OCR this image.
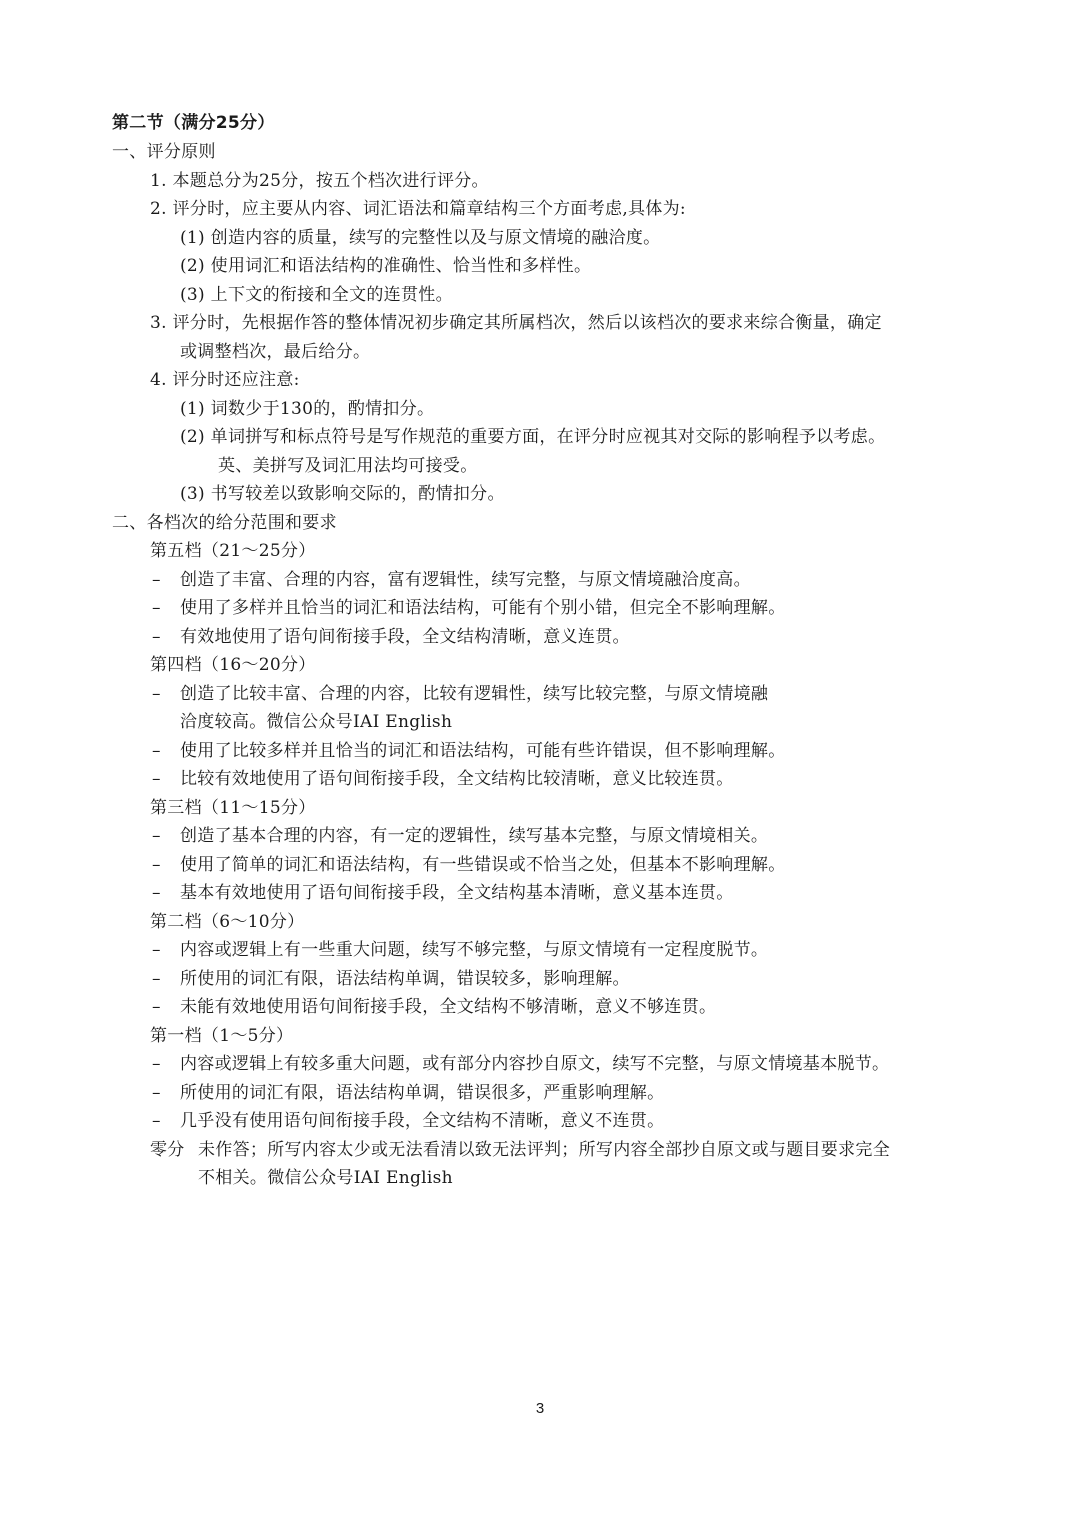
第二节（满分25分）
一、评分原则
1. 本题总分为25分，按五个档次进行评分。
2. 评分时，应主要从内容、词汇语法和篇章结构三个方面考虑,具体为:
(1) 创造内容的质量，续写的完整性以及与原文情境的融洽度。
(2) 使用词汇和语法结构的准确性、恰当性和多样性。
(3) 上下文的衔接和全文的连贯性。
3. 评分时，先根据作答的整体情况初步确定其所属档次，然后以该档次的要求来综合衡量，确定
或调整档次，最后给分。
4. 评分时还应注意:
(1) 词数少于130的，酌情扣分。
(2) 单词拼写和标点符号是写作规范的重要方面，在评分时应视其对交际的影响程予以考虑。
英、美拼写及词汇用法均可接受。
(3) 书写较差以致影响交际的，酌情扣分。
二、各档次的给分范围和要求
第五档（21～25分）
– 创造了丰富、合理的内容，富有逻辑性，续写完整，与原文情境融洽度高。
– 使用了多样并且恰当的词汇和语法结构，可能有个别小错，但完全不影响理解。
– 有效地使用了语句间衔接手段，全文结构清晰，意义连贯。
第四档（16～20分）
– 创造了比较丰富、合理的内容，比较有逻辑性，续写比较完整，与原文情境融
洽度较高。微信公众号IAI English
– 使用了比较多样并且恰当的词汇和语法结构，可能有些许错误，但不影响理解。
– 比较有效地使用了语句间衔接手段，全文结构比较清晰，意义比较连贯。
第三档（11～15分）
– 创造了基本合理的内容，有一定的逻辑性，续写基本完整，与原文情境相关。
– 使用了简单的词汇和语法结构，有一些错误或不恰当之处，但基本不影响理解。
– 基本有效地使用了语句间衔接手段，全文结构基本清晰，意义基本连贯。
第二档（6～10分）
– 内容或逻辑上有一些重大问题，续写不够完整，与原文情境有一定程度脱节。
– 所使用的词汇有限，语法结构单调，错误较多，影响理解。
– 未能有效地使用语句间衔接手段，全文结构不够清晰，意义不够连贯。
第一档（1～5分）
– 内容或逻辑上有较多重大问题，或有部分内容抄自原文，续写不完整，与原文情境基本脱节。
– 所使用的词汇有限，语法结构单调，错误很多，严重影响理解。
– 几乎没有使用语句间衔接手段，全文结构不清晰，意义不连贯。
零分 未作答；所写内容太少或无法看清以致无法评判；所写内容全部抄自原文或与题目要求完全
不相关。微信公众号IAI English
3
